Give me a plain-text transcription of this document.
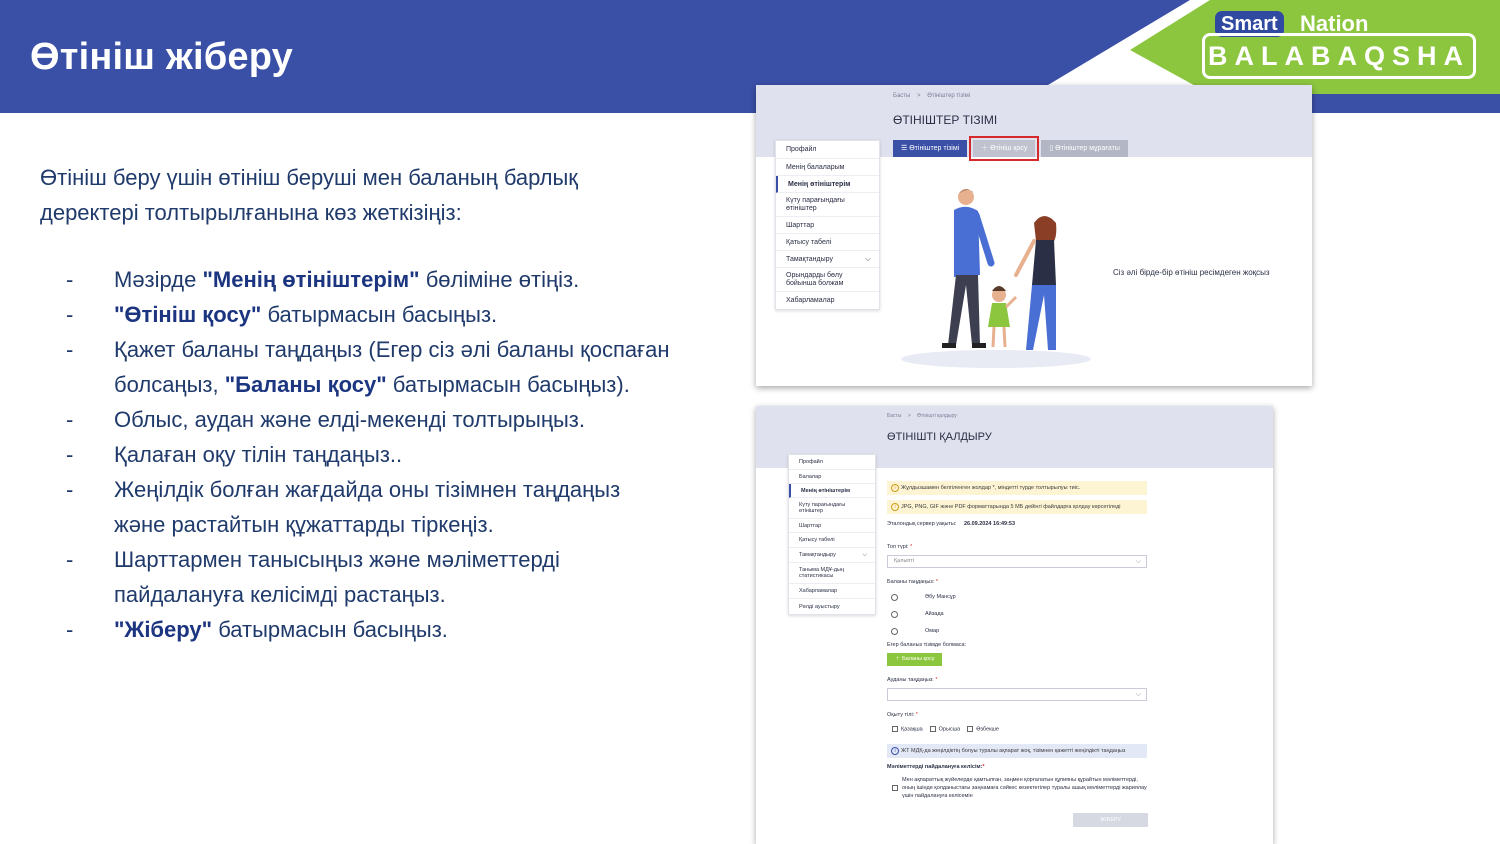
Өтініш жіберу
Smart Nation
BALABAQSHA
Өтініш беру үшін өтініш беруші мен баланың барлық деректері толтырылғанына көз жеткізіңіз:
- Мәзірде "Менің өтініштерім" бөліміне өтіңіз.
- "Өтініш қосу" батырмасын басыңыз.
- Қажет баланы таңдаңыз (Егер сіз әлі баланы қоспаған болсаңыз, "Баланы қосу" батырмасын басыңыз).
- Облыс, аудан және елді-мекенді толтырыңыз.
- Қалаған оқу тілін таңдаңыз..
- Жеңілдік болған жағдайда оны тізімнен таңдаңыз және растайтын құжаттарды тіркеңіз.
- Шарттармен танысыңыз және мәліметтерді пайдалануға келісімді растаңыз.
- "Жіберу" батырмасын басыңыз.
Басты > Өтініштер тізімі
ӨТІНІШТЕР ТІЗІМІ
☰ Өтініштер тізімі	＋ Өтініш қосу	▯ Өтініштер мұрағаты
Профайл
Менің балаларым
Менің өтініштерім
Күту парағындағы өтініштер
Шарттар
Қатысу табелі
Тамақтандыру	⌵
Орындарды бөлу бойынша болжам
Хабарламалар
Сіз әлі бірде-бір өтініш ресімдеген жоқсыз
Басты > Өтінішті қалдыру
ӨТІНІШТІ ҚАЛДЫРУ
Профайл
Балалар
Менің өтініштерім
Күту парағындағы өтініштер
Шарттар
Қатысу табелі
Тамақтандыру	⌵
Таныма МДҰ-дың статистикасы
Хабарламалар
Рөлді ауыстыру
i Жұлдызшамен белгіленген жолдар *, міндетті түрде толтырылуы тиіс.
i JPG, PNG, GIF және PDF форматтарында 5 МБ дейінгі файлдарға қолдау көрсетіледі
Эталондық сервер уақыты: 26.09.2024 16:49:53
Топ түрі: *
Қалыпті	⌵
Баланы таңдаңыз: *
Әбу Мансұр
Айзада
Омар
Егер баланыз тізімде болмаса:
＋ Баланы қосу
Ауданы таңдаңыз: *
⌵
Оқыту тілі: *
Қазақша	Орысша	Өзбекше
i ЖТ МДҚ-да жеңілдіктің болуы туралы ақпарат жоқ, тізімнен қажетті жеңілдікті таңдаңыз
Мәліметтерді пайдалануға келісім:*
Мен ақпараттық жүйелерде қамтылған, заңмен қорғалатын құпияны құрайтын мәліметтерді, оның ішінде қолданыстағы заңнамаға сәйкес кезектегілер туралы ашық мәліметтерді жариялау үшін пайдалануға келісемін
ЖІБЕРУ
